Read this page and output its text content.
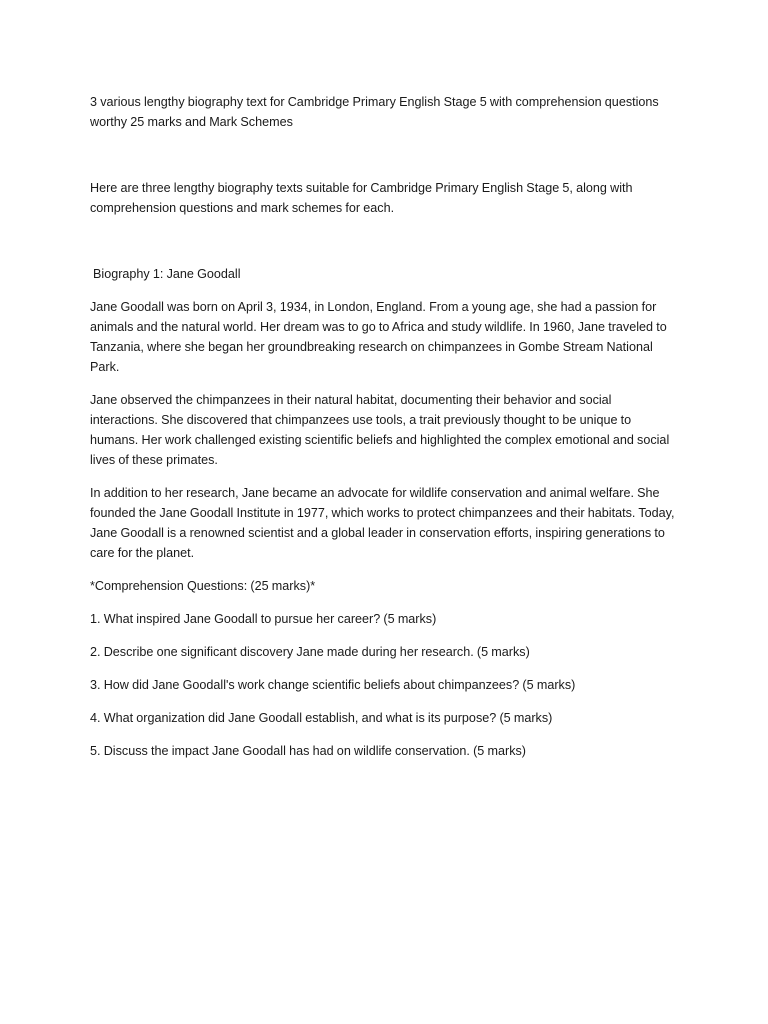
3 various lengthy biography text for Cambridge Primary English Stage 5 with comprehension questions worthy 25 marks and Mark Schemes

Here are three lengthy biography texts suitable for Cambridge Primary English Stage 5, along with comprehension questions and mark schemes for each.

Biography 1: Jane Goodall

Jane Goodall was born on April 3, 1934, in London, England. From a young age, she had a passion for animals and the natural world. Her dream was to go to Africa and study wildlife. In 1960, Jane traveled to Tanzania, where she began her groundbreaking research on chimpanzees in Gombe Stream National Park.

Jane observed the chimpanzees in their natural habitat, documenting their behavior and social interactions. She discovered that chimpanzees use tools, a trait previously thought to be unique to humans. Her work challenged existing scientific beliefs and highlighted the complex emotional and social lives of these primates.

In addition to her research, Jane became an advocate for wildlife conservation and animal welfare. She founded the Jane Goodall Institute in 1977, which works to protect chimpanzees and their habitats. Today, Jane Goodall is a renowned scientist and a global leader in conservation efforts, inspiring generations to care for the planet.

*Comprehension Questions: (25 marks)*

1. What inspired Jane Goodall to pursue her career? (5 marks)

2. Describe one significant discovery Jane made during her research. (5 marks)

3. How did Jane Goodall's work change scientific beliefs about chimpanzees? (5 marks)

4. What organization did Jane Goodall establish, and what is its purpose? (5 marks)

5. Discuss the impact Jane Goodall has had on wildlife conservation. (5 marks)
